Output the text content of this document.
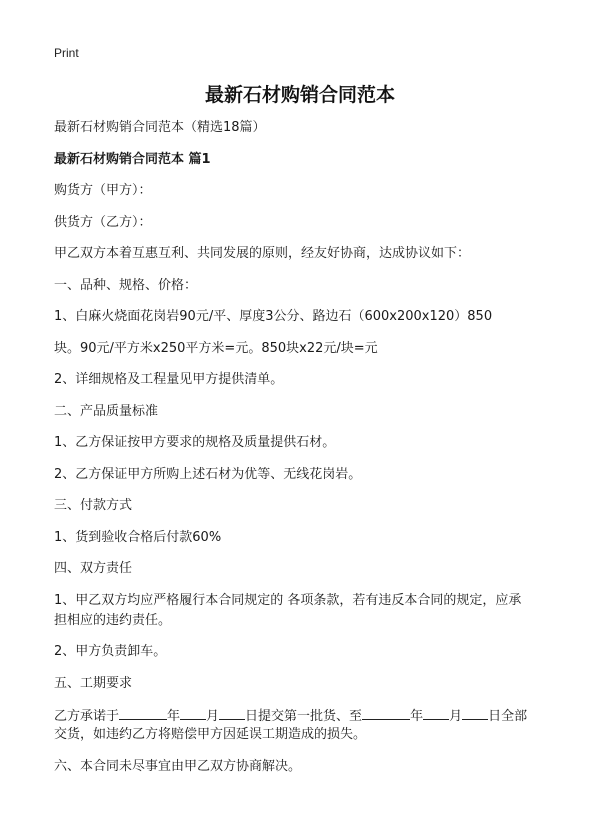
Print
最新石材购销合同范本
最新石材购销合同范本（精选18篇）
最新石材购销合同范本 篇1
购货方（甲方）：
供货方（乙方）：
甲乙双方本着互惠互利、共同发展的原则，经友好协商，达成协议如下：
一、品种、规格、价格：
1、白麻火烧面花岗岩90元/平、厚度3公分、路边石（600x200x120）850
块。90元/平方米x250平方米=元。850块x22元/块=元
2、详细规格及工程量见甲方提供清单。
二、产品质量标准
1、乙方保证按甲方要求的规格及质量提供石材。
2、乙方保证甲方所购上述石材为优等、无线花岗岩。
三、付款方式
1、货到验收合格后付款60%
四、双方责任
1、甲乙双方均应严格履行本合同规定的 各项条款，若有违反本合同的规定，应承
担相应的违约责任。
2、甲方负责卸车。
五、工期要求
乙方承诺于	年 月 日提交第一批货、至	年 月 日全部
交货，如违约乙方将赔偿甲方因延误工期造成的损失。
六、本合同未尽事宜由甲乙双方协商解决。
